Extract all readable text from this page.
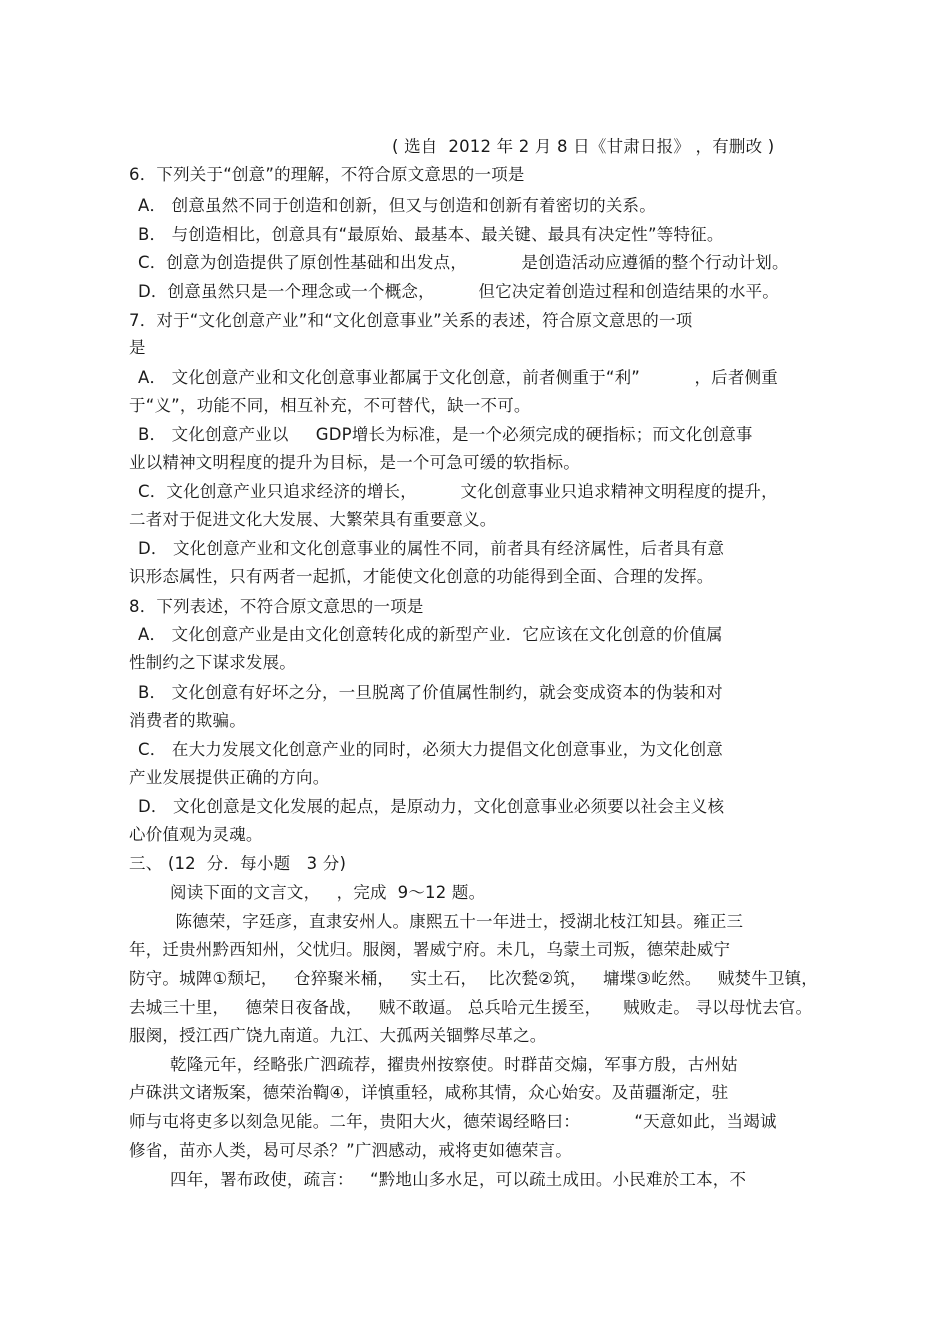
( 选自  2012 年 2 月 8 日《甘肃日报》 ，有删改 )
6．下列关于“创意”的理解，不符合原文意思的一项是
A． 创意虽然不同于创造和创新，但又与创造和创新有着密切的关系。
B． 与创造相比，创意具有“最原始、最基本、最关键、最具有决定性”等特征。
C．创意为创造提供了原创性基础和出发点，          是创造活动应遵循的整个行动计划。
D．创意虽然只是一个理念或一个概念，        但它决定着创造过程和创造结果的水平。
7．对于“文化创意产业”和“文化创意事业”关系的表述，符合原文意思的一项
是
A． 文化创意产业和文化创意事业都属于文化创意，前者侧重于“利”          ，后者侧重
于“义”，功能不同，相互补充，不可替代，缺一不可。
B． 文化创意产业以     GDP增长为标准，是一个必须完成的硬指标；而文化创意事
业以精神文明程度的提升为目标，是一个可急可缓的软指标。
C．文化创意产业只追求经济的增长，        文化创意事业只追求精神文明程度的提升，
二者对于促进文化大发展、大繁荣具有重要意义。
D． 文化创意产业和文化创意事业的属性不同，前者具有经济属性，后者具有意
识形态属性，只有两者一起抓，才能使文化创意的功能得到全面、合理的发挥。
8．下列表述，不符合原文意思的一项是
A． 文化创意产业是由文化创意转化成的新型产业．它应该在文化创意的价值属
性制约之下谋求发展。
B． 文化创意有好坏之分，一旦脱离了价值属性制约，就会变成资本的伪装和对
消费者的欺骗。
C． 在大力发展文化创意产业的同时，必须大力提倡文化创意事业，为文化创意
产业发展提供正确的方向。
D． 文化创意是文化发展的起点，是原动力，文化创意事业必须要以社会主义核
心价值观为灵魂。
三、 (12  分．每小题   3 分)
阅读下面的文言文，   ，完成  9～12 题。
陈德荣，字廷彦，直隶安州人。康熙五十一年进士，授湖北枝江知县。雍正三
年，迁贵州黔西知州，父忧归。服阕，署威宁府。未几，乌蒙土司叛，德荣赴威宁
防守。城陴①颓圮，   仓猝聚米桶，   实土石，  比次甃②筑，   墉堞③屹然。   贼焚牛卫镇，
去城三十里，   德荣日夜备战，   贼不敢逼。 总兵哈元生援至，    贼败走。 寻以母忧去官。
服阕，授江西广饶九南道。九江、大孤两关锢弊尽革之。
乾隆元年，经略张广泗疏荐，擢贵州按察使。时群苗交煽，军事方殷，古州姑
卢硃洪文诸叛案，德荣治鞫④，详慎重轻，咸称其情，众心始安。及苗疆渐定，驻
师与屯将吏多以刻急见能。二年，贵阳大火，德荣谒经略曰：          “天意如此，当竭诚
修省，苗亦人类，曷可尽杀？”广泗感动，戒将吏如德荣言。
四年，署布政使，疏言：   “黔地山多水足，可以疏土成田。小民难於工本，不
